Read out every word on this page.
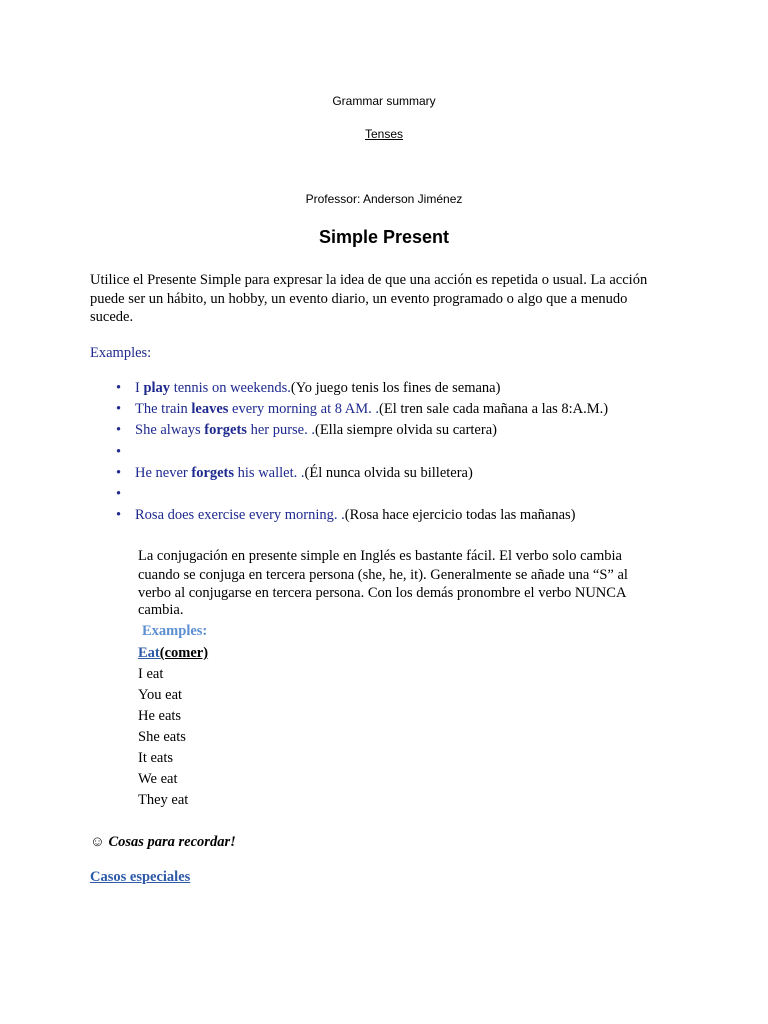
Grammar summary
Tenses
Professor: Anderson Jiménez
Simple Present
Utilice el Presente Simple para expresar la idea de que una acción es repetida o usual. La acción
puede ser un hábito, un hobby, un evento diario, un evento programado o algo que a menudo
sucede.
Examples:
• I play tennis on weekends.(Yo juego tenis los fines de semana)
• The train leaves every morning at 8 AM. .(El tren sale cada mañana a las 8:A.M.)
• She always forgets her purse. .(Ella siempre olvida su cartera)
•
• He never forgets his wallet. .(Él nunca olvida su billetera)
•
• Rosa does exercise every morning. .(Rosa hace ejercicio todas las mañanas)
La conjugación en presente simple en Inglés es bastante fácil. El verbo solo cambia
cuando se conjuga en tercera persona (she, he, it). Generalmente se añade una “S” al
verbo al conjugarse en tercera persona. Con los demás pronombre el verbo NUNCA
cambia.
Examples:
Eat(comer)
I eat
You eat
He eats
She eats
It eats
We eat
They eat
☺ Cosas para recordar!
Casos especiales
